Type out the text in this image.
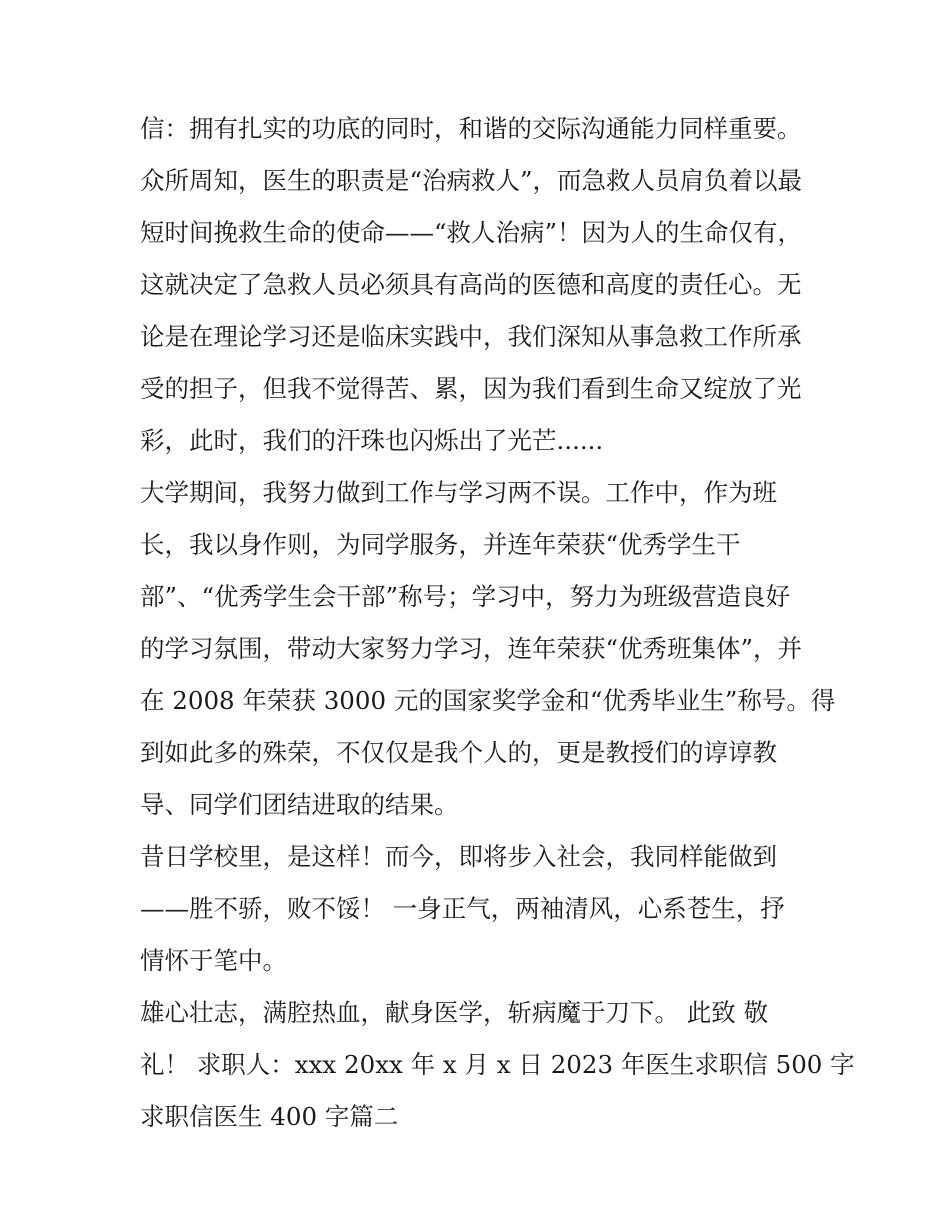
信：拥有扎实的功底的同时，和谐的交际沟通能力同样重要。
众所周知，医生的职责是“治病救人”，而急救人员肩负着以最
短时间挽救生命的使命——“救人治病”！因为人的生命仅有，
这就决定了急救人员必须具有高尚的医德和高度的责任心。无
论是在理论学习还是临床实践中，我们深知从事急救工作所承
受的担子，但我不觉得苦、累，因为我们看到生命又绽放了光
彩，此时，我们的汗珠也闪烁出了光芒......

大学期间，我努力做到工作与学习两不误。工作中，作为班
长，我以身作则，为同学服务，并连年荣获“优秀学生干
部”、“优秀学生会干部”称号；学习中，努力为班级营造良好
的学习氛围，带动大家努力学习，连年荣获“优秀班集体”，并
在 2008 年荣获 3000 元的国家奖学金和“优秀毕业生”称号。得
到如此多的殊荣，不仅仅是我个人的，更是教授们的谆谆教
导、同学们团结进取的结果。

昔日学校里，是这样！而今，即将步入社会，我同样能做到
——胜不骄，败不馁！ 一身正气，两袖清风，心系苍生，抒
情怀于笔中。

雄心壮志，满腔热血，献身医学，斩病魔于刀下。 此致 敬
礼！ 求职人：xxx 20xx 年 x 月 x 日 2023 年医生求职信 500 字
求职信医生 400 字篇二
